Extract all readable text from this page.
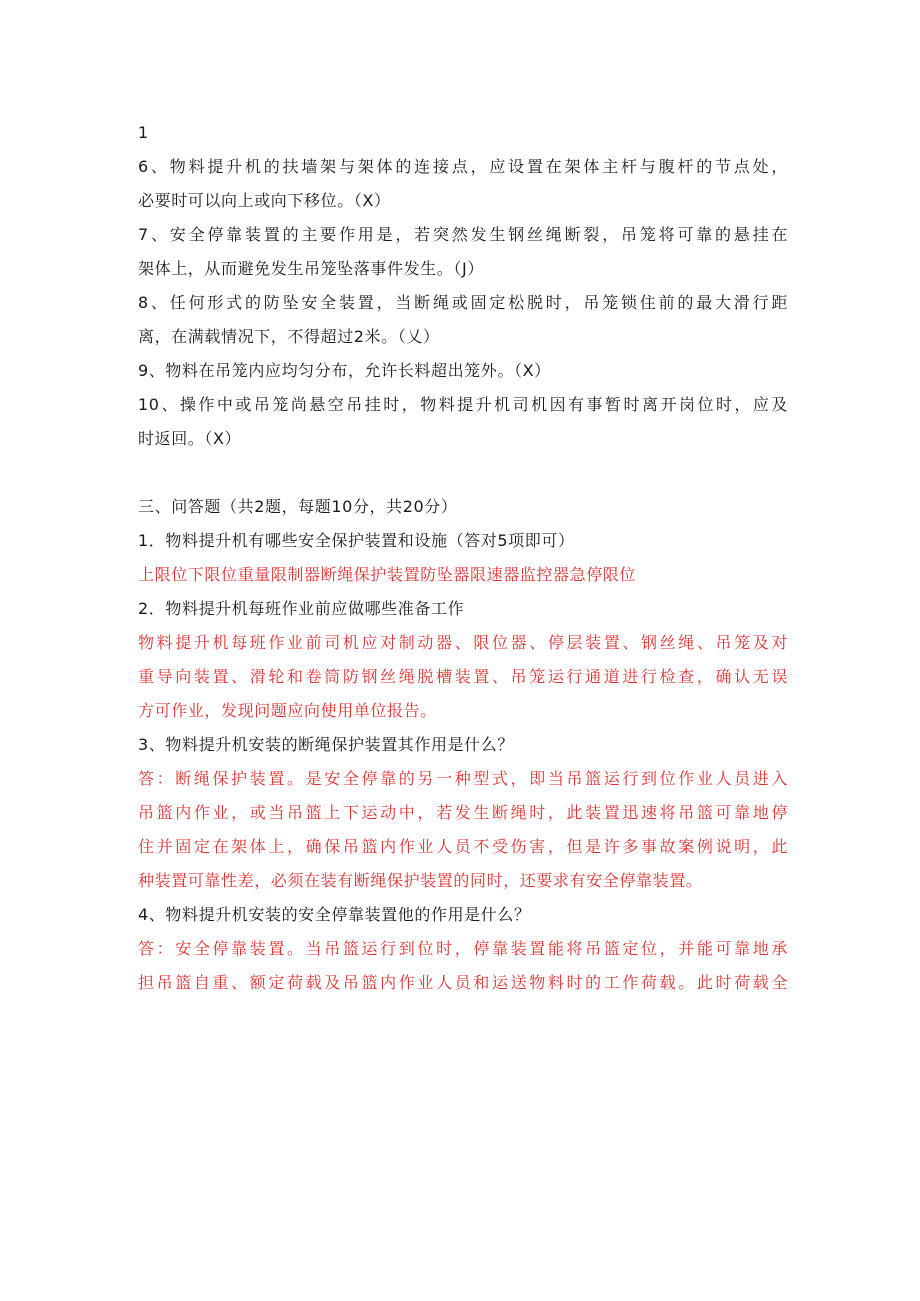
1
6、物料提升机的扶墙架与架体的连接点，应设置在架体主杆与腹杆的节点处，
必要时可以向上或向下移位。（X）
7、安全停靠装置的主要作用是，若突然发生钢丝绳断裂，吊笼将可靠的悬挂在
架体上，从而避免发生吊笼坠落事件发生。（J）
8、任何形式的防坠安全装置，当断绳或固定松脱时，吊笼锁住前的最大滑行距
离，在满载情况下，不得超过2米。（乂）
9、物料在吊笼内应均匀分布，允许长料超出笼外。（X）
10、操作中或吊笼尚悬空吊挂时，物料提升机司机因有事暂时离开岗位时，应及
时返回。（X）
三、问答题（共2题，每题10分，共20分）
1．物料提升机有哪些安全保护装置和设施（答对5项即可）
上限位下限位重量限制器断绳保护装置防坠器限速器监控器急停限位
2．物料提升机每班作业前应做哪些准备工作
物料提升机每班作业前司机应对制动器、限位器、停层装置、钢丝绳、吊笼及对
重导向装置、滑轮和卷筒防钢丝绳脱槽装置、吊笼运行通道进行检查，确认无误
方可作业，发现问题应向使用单位报告。
3、物料提升机安装的断绳保护装置其作用是什么？
答：断绳保护装置。是安全停靠的另一种型式，即当吊篮运行到位作业人员进入
吊篮内作业，或当吊篮上下运动中，若发生断绳时，此装置迅速将吊篮可靠地停
住并固定在架体上，确保吊篮内作业人员不受伤害，但是许多事故案例说明，此
种装置可靠性差，必须在装有断绳保护装置的同时，还要求有安全停靠装置。
4、物料提升机安装的安全停靠装置他的作用是什么？
答：安全停靠装置。当吊篮运行到位时，停靠装置能将吊篮定位，并能可靠地承
担吊篮自重、额定荷载及吊篮内作业人员和运送物料时的工作荷载。此时荷载全
